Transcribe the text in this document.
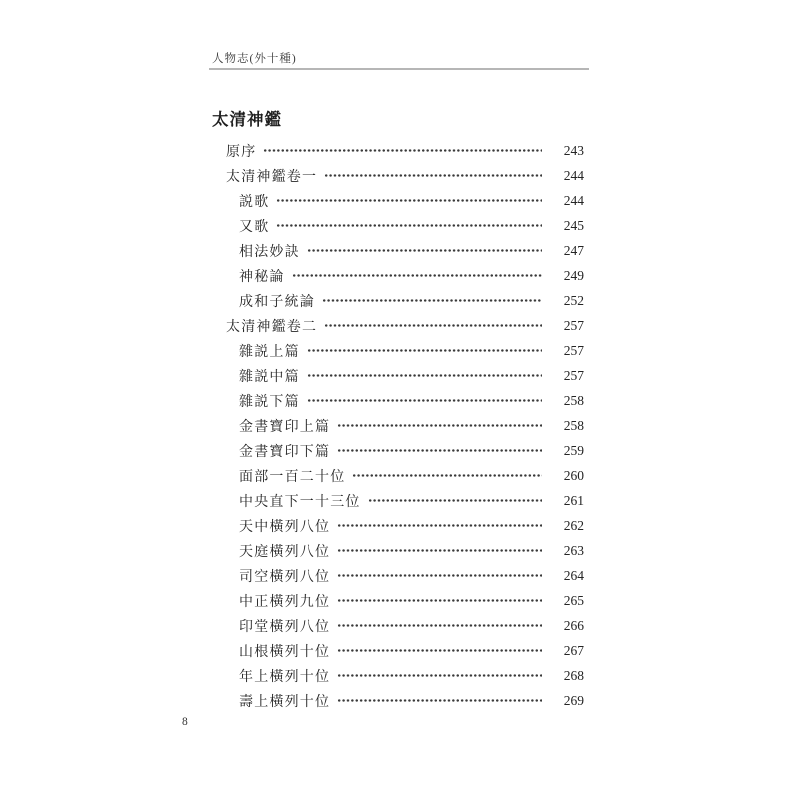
人物志(外十種)
太清神鑑
原序	243
太清神鑑卷一	244
説歌	244
又歌	245
相法妙訣	247
神秘論	249
成和子統論	252
太清神鑑卷二	257
雜説上篇	257
雜説中篇	257
雜説下篇	258
金書寶印上篇	258
金書寶印下篇	259
面部一百二十位	260
中央直下一十三位	261
天中橫列八位	262
天庭橫列八位	263
司空橫列八位	264
中正橫列九位	265
印堂橫列八位	266
山根橫列十位	267
年上橫列十位	268
壽上橫列十位	269
8
